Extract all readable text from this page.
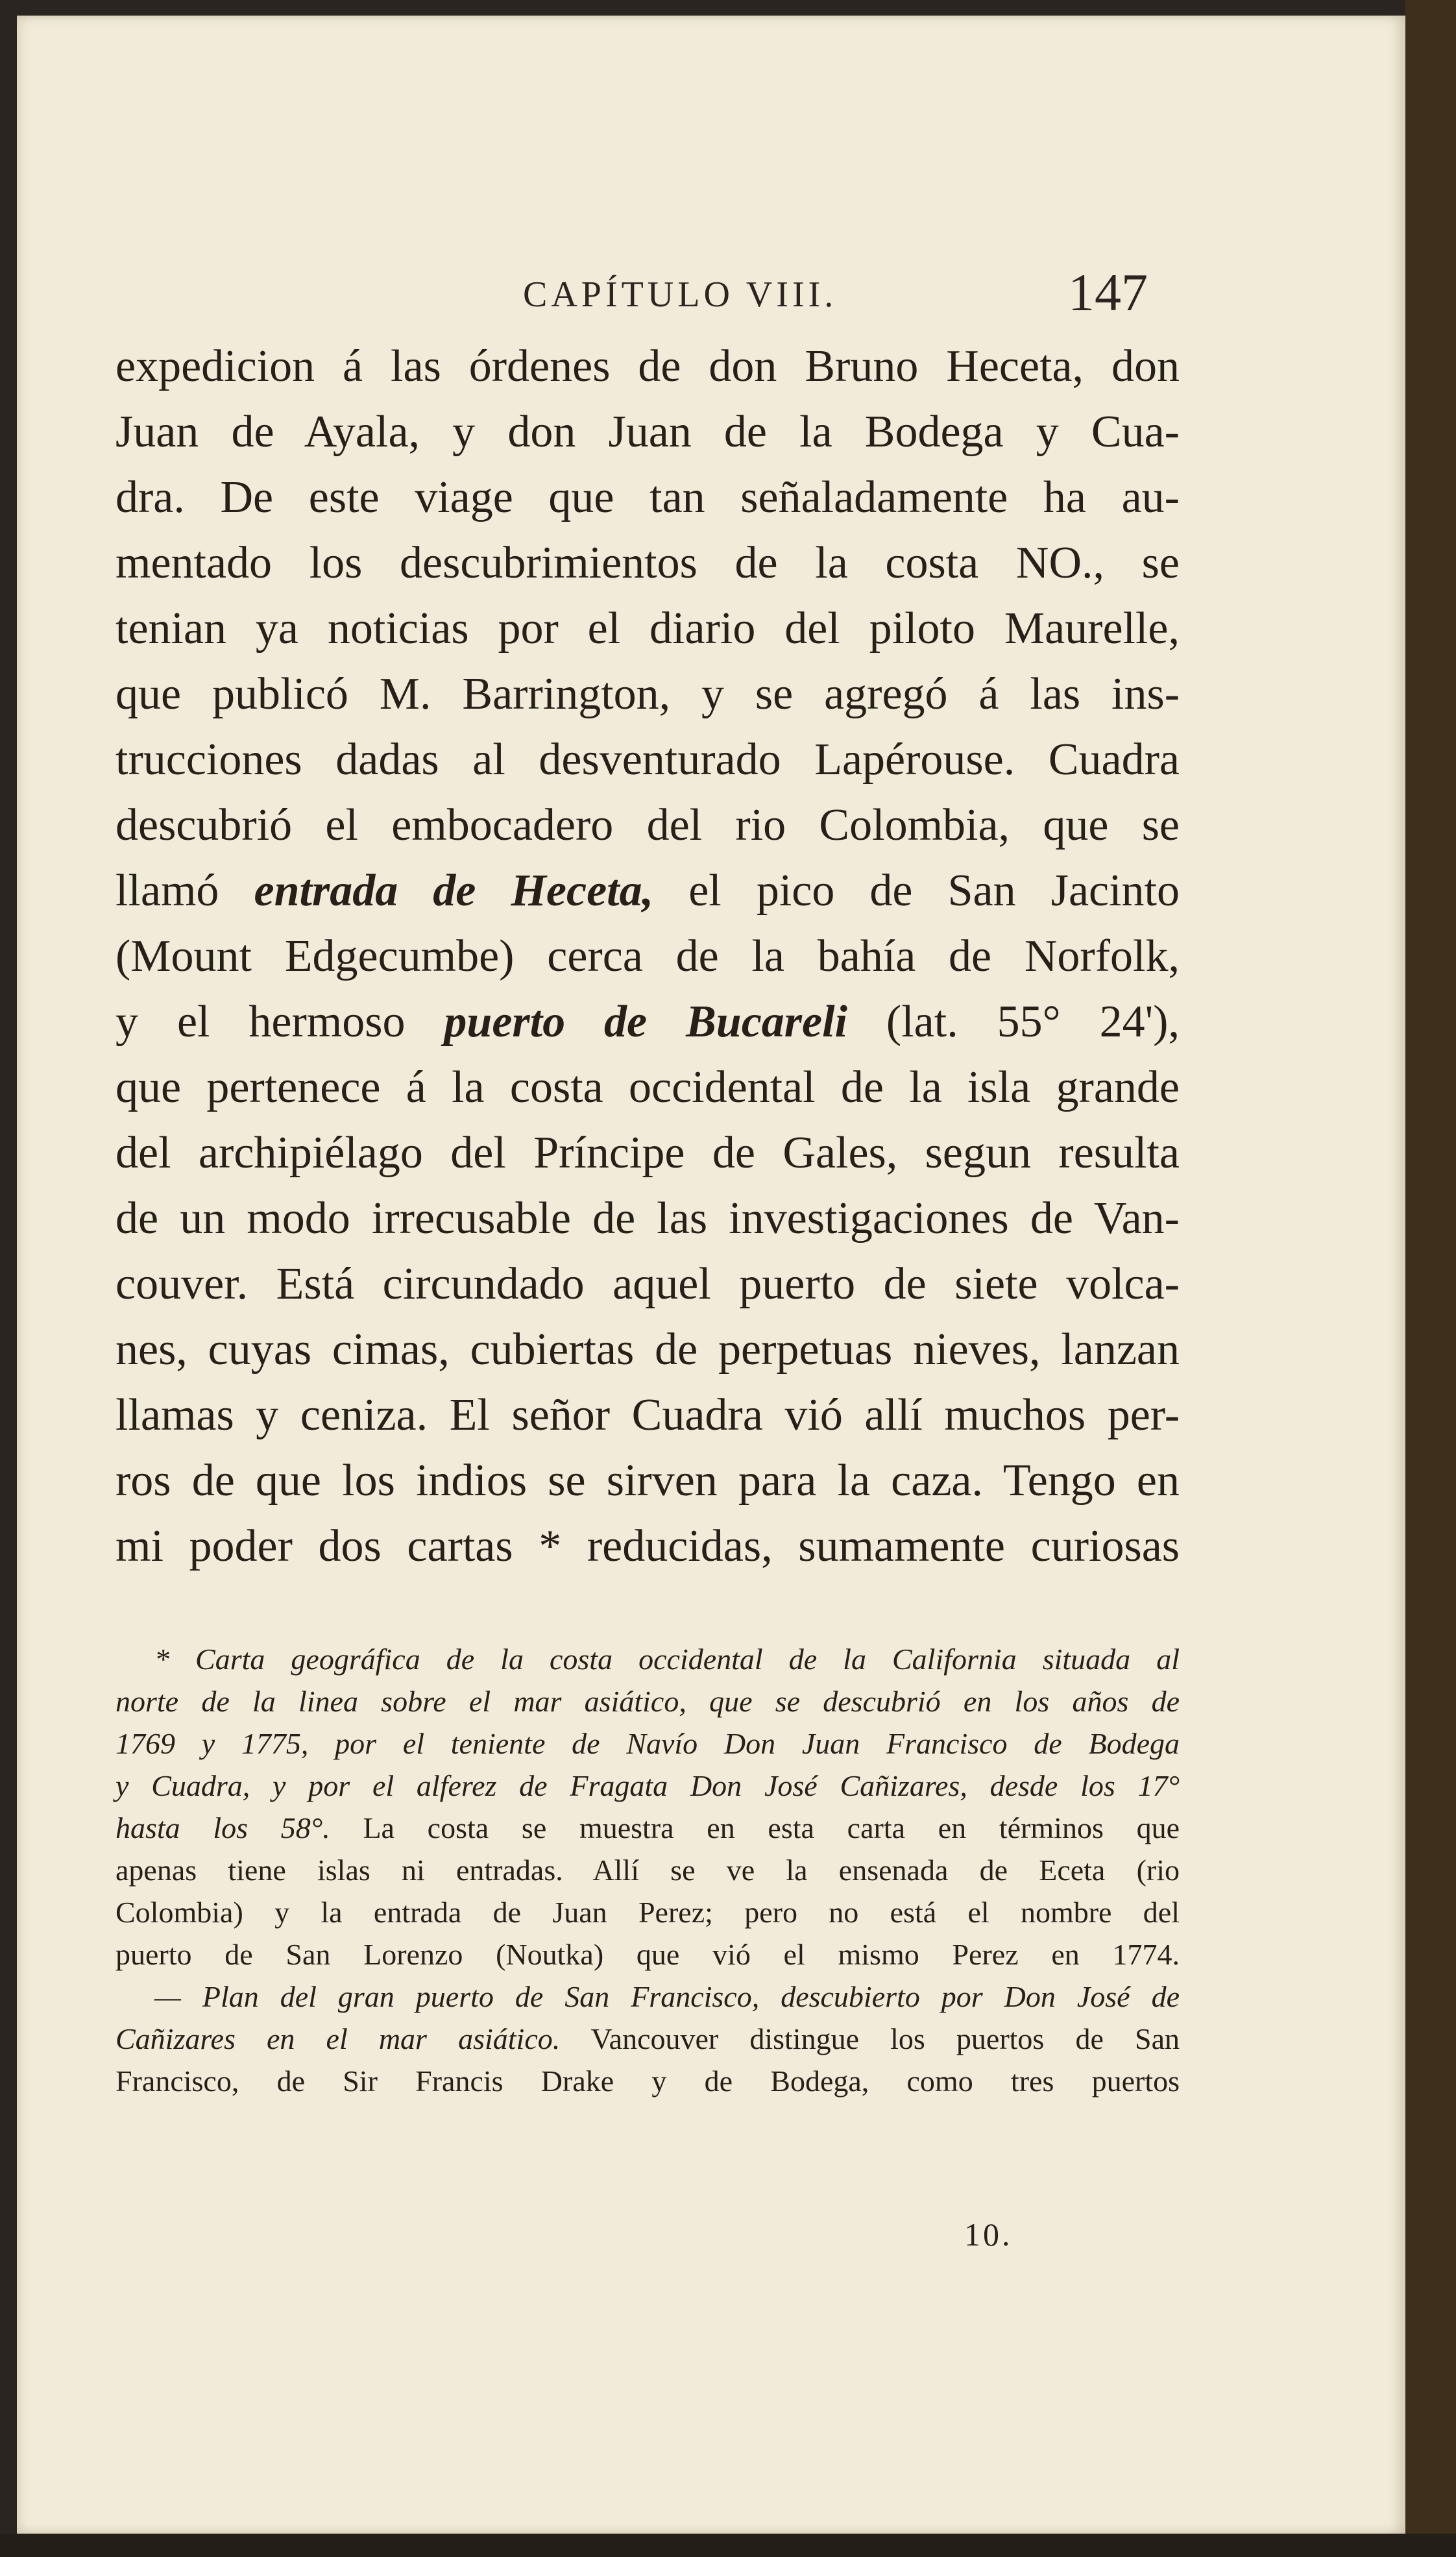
CAPÍTULO VIII.	147
expedicion á las órdenes de don Bruno Heceta, don
Juan de Ayala, y don Juan de la Bodega y Cua-
dra. De este viage que tan señaladamente ha au-
mentado los descubrimientos de la costa NO., se
tenian ya noticias por el diario del piloto Maurelle,
que publicó M. Barrington, y se agregó á las ins-
trucciones dadas al desventurado Lapérouse. Cuadra
descubrió el embocadero del rio Colombia, que se
llamó entrada de Heceta, el pico de San Jacinto
(Mount Edgecumbe) cerca de la bahía de Norfolk,
y el hermoso puerto de Bucareli (lat. 55° 24'),
que pertenece á la costa occidental de la isla grande
del archipiélago del Príncipe de Gales, segun resulta
de un modo irrecusable de las investigaciones de Van-
couver. Está circundado aquel puerto de siete volca-
nes, cuyas cimas, cubiertas de perpetuas nieves, lanzan
llamas y ceniza. El señor Cuadra vió allí muchos per-
ros de que los indios se sirven para la caza. Tengo en
mi poder dos cartas * reducidas, sumamente curiosas
* Carta geográfica de la costa occidental de la California situada al
norte de la linea sobre el mar asiático, que se descubrió en los años de
1769 y 1775, por el teniente de Navío Don Juan Francisco de Bodega
y Cuadra, y por el alferez de Fragata Don José Cañizares, desde los 17°
hasta los 58°. La costa se muestra en esta carta en términos que
apenas tiene islas ni entradas. Allí se ve la ensenada de Eceta (rio
Colombia) y la entrada de Juan Perez; pero no está el nombre del
puerto de San Lorenzo (Noutka) que vió el mismo Perez en 1774.
— Plan del gran puerto de San Francisco, descubierto por Don José de
Cañizares en el mar asiático. Vancouver distingue los puertos de San
Francisco, de Sir Francis Drake y de Bodega, como tres puertos
10.
